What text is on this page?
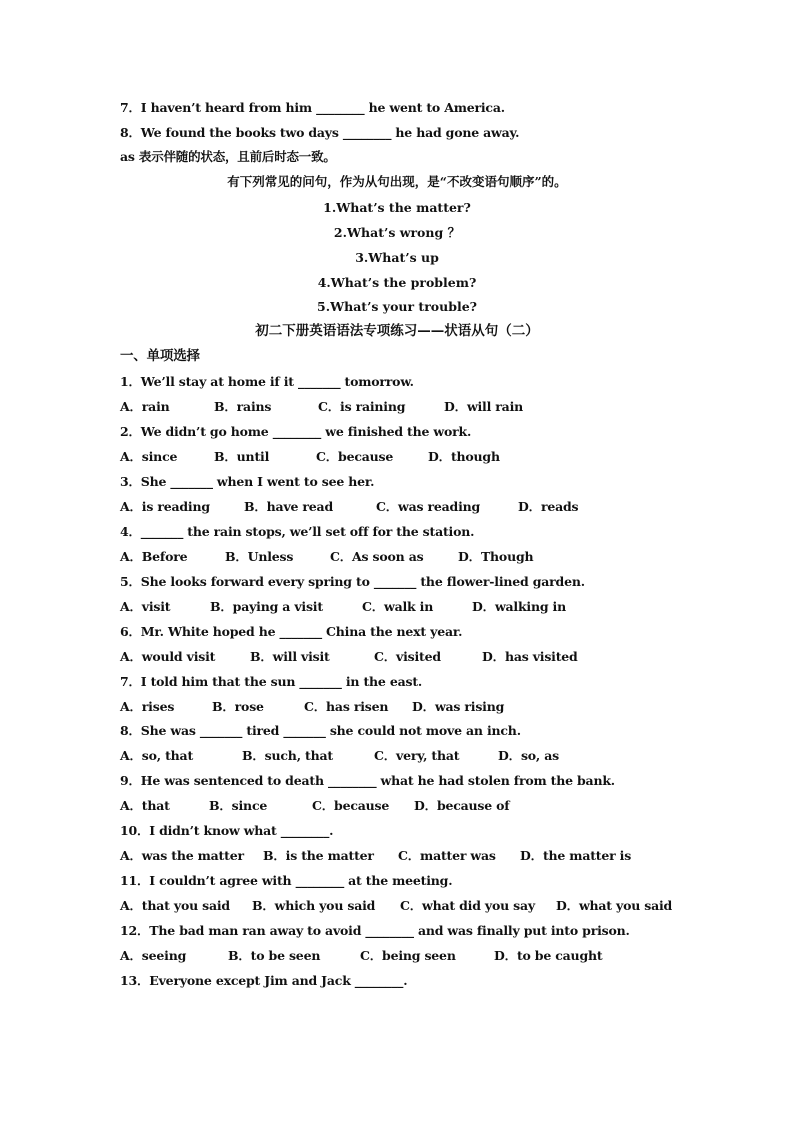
7．I haven’t heard from him ________ he went to America.
8．We found the books two days ________ he had gone away.
as 表示伴随的状态，且前后时态一致。
有下列常见的问句，作为从句出现，是“不改变语句顺序”的。
1.What’s the matter?
2.What’s wrong ？
3.What’s up
4.What’s the problem?
5.What’s your trouble?
初二下册英语语法专项练习——状语从句（二）
一、单项选择
1．We’ll stay at home if it _______ tomorrow.
A．rain	B．rains	C．is raining	D．will rain
2．We didn’t go home ________ we finished the work.
A．since	B．until	C．because	D．though
3．She _______ when I went to see her.
A．is reading	B．have read	C．was reading	D．reads
4．_______ the rain stops, we’ll set off for the station.
A．Before	B．Unless	C．As soon as	D．Though
5．She looks forward every spring to _______ the flower-lined garden.
A．visit	B．paying a visit	C．walk in	D．walking in
6．Mr. White hoped he _______ China the next year.
A．would visit	B．will visit	C．visited	D．has visited
7．I told him that the sun _______ in the east.
A．rises	B．rose	C．has risen D．was rising
8．She was _______ tired _______ she could not move an inch.
A．so, that	B．such, that	C．very, that	D．so, as
9．He was sentenced to death ________ what he had stolen from the bank.
A．that	B．since	C．because D．because of
10．I didn’t know what ________.
A．was the matter B．is the matter C．matter was D．the matter is
11．I couldn’t agree with ________ at the meeting.
A．that you said B．which you said C．what did you say D．what you said
12．The bad man ran away to avoid ________ and was finally put into prison.
A．seeing	B．to be seen	C．being seen	D．to be caught
13．Everyone except Jim and Jack ________.
